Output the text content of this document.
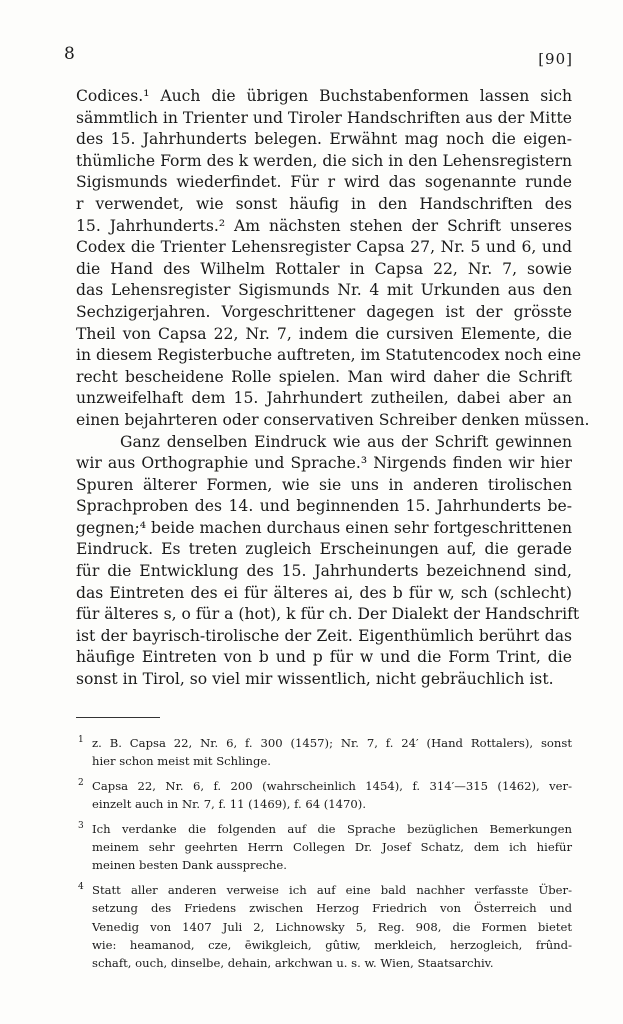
8	[90]
Codices.¹ Auch die übrigen Buchstabenformen lassen sich
sämmtlich in Trienter und Tiroler Handschriften aus der Mitte
des 15. Jahrhunderts belegen. Erwähnt mag noch die eigen-
thümliche Form des k werden, die sich in den Lehensregistern
Sigismunds wiederfindet. Für r wird das sogenannte runde
r verwendet, wie sonst häufig in den Handschriften des
15. Jahrhunderts.² Am nächsten stehen der Schrift unseres
Codex die Trienter Lehensregister Capsa 27, Nr. 5 und 6, und
die Hand des Wilhelm Rottaler in Capsa 22, Nr. 7, sowie
das Lehensregister Sigismunds Nr. 4 mit Urkunden aus den
Sechzigerjahren. Vorgeschrittener dagegen ist der grösste
Theil von Capsa 22, Nr. 7, indem die cursiven Elemente, die
in diesem Registerbuche auftreten, im Statutencodex noch eine
recht bescheidene Rolle spielen. Man wird daher die Schrift
unzweifelhaft dem 15. Jahrhundert zutheilen, dabei aber an
einen bejahrteren oder conservativen Schreiber denken müssen.
Ganz denselben Eindruck wie aus der Schrift gewinnen
wir aus Orthographie und Sprache.³ Nirgends finden wir hier
Spuren älterer Formen, wie sie uns in anderen tirolischen
Sprachproben des 14. und beginnenden 15. Jahrhunderts be-
gegnen;⁴ beide machen durchaus einen sehr fortgeschrittenen
Eindruck. Es treten zugleich Erscheinungen auf, die gerade
für die Entwicklung des 15. Jahrhunderts bezeichnend sind,
das Eintreten des ei für älteres ai, des b für w, sch (schlecht)
für älteres s, o für a (hot), k für ch. Der Dialekt der Handschrift
ist der bayrisch-tirolische der Zeit. Eigenthümlich berührt das
häufige Eintreten von b und p für w und die Form Trint, die
sonst in Tirol, so viel mir wissentlich, nicht gebräuchlich ist.
1 z. B. Capsa 22, Nr. 6, f. 300 (1457); Nr. 7, f. 24′ (Hand Rottalers), sonst
hier schon meist mit Schlinge.
2 Capsa 22, Nr. 6, f. 200 (wahrscheinlich 1454), f. 314′—315 (1462), ver-
einzelt auch in Nr. 7, f. 11 (1469), f. 64 (1470).
3 Ich verdanke die folgenden auf die Sprache bezüglichen Bemerkungen
meinem sehr geehrten Herrn Collegen Dr. Josef Schatz, dem ich hiefür
meinen besten Dank ausspreche.
4 Statt aller anderen verweise ich auf eine bald nachher verfasste Über-
setzung des Friedens zwischen Herzog Friedrich von Österreich und
Venedig von 1407 Juli 2, Lichnowsky 5, Reg. 908, die Formen bietet
wie: heamanod, cze, ēwikgleich, gûtiw, merkleich, herzogleich, frûnd-
schaft, ouch, dinselbe, dehain, arkchwan u. s. w. Wien, Staatsarchiv.
